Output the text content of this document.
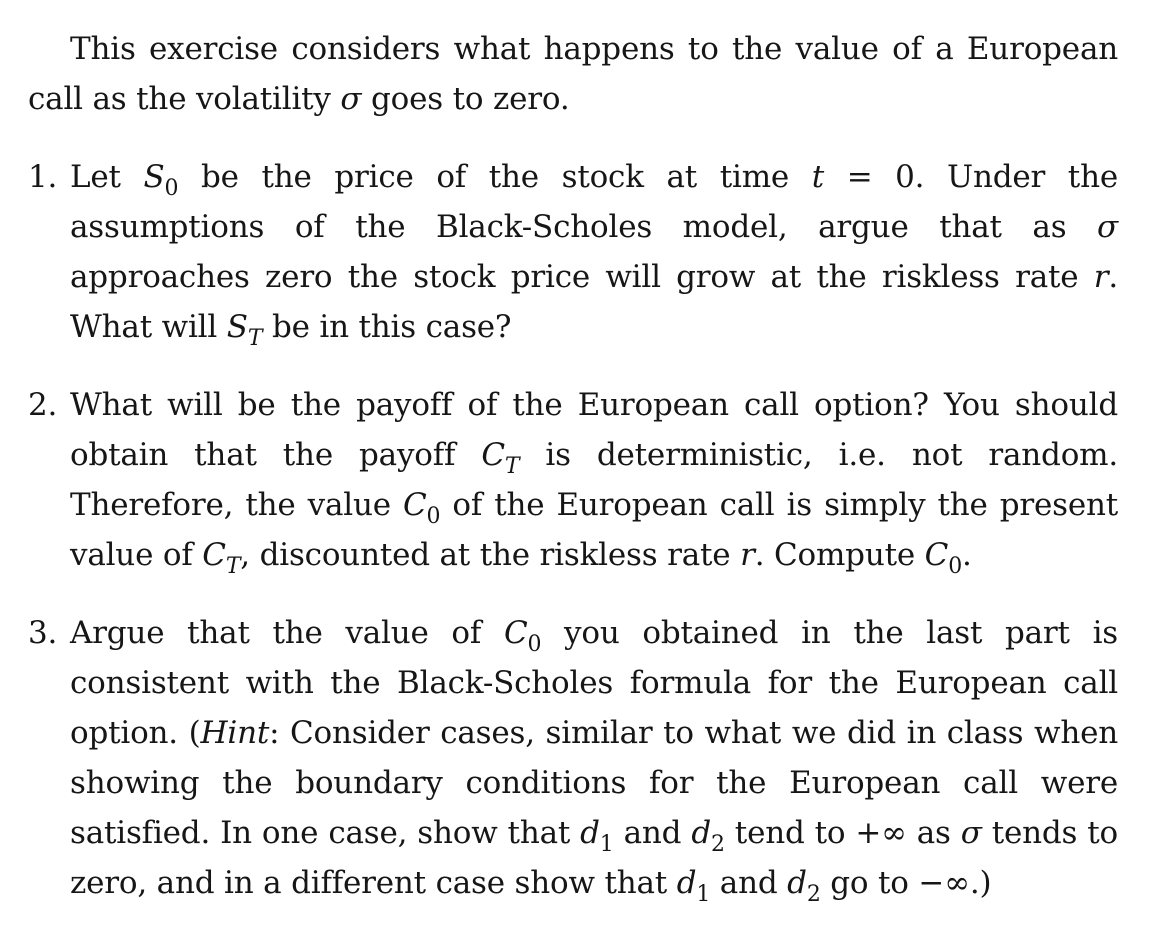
This exercise considers what happens to the value of a European call as the volatility σ goes to zero.

1. Let $S_0$ be the price of the stock at time t = 0. Under the assumptions of the Black-Scholes model, argue that as σ approaches zero the stock price will grow at the riskless rate r. What will $S_T$ be in this case?
2. What will be the payoff of the European call option? You should obtain that the payoff $C_T$ is deterministic, i.e. not random. Therefore, the value $C_0$ of the European call is simply the present value of $C_T$, discounted at the riskless rate r. Compute $C_0$.
3. Argue that the value of $C_0$ you obtained in the last part is consistent with the Black-Scholes formula for the European call option. (Hint: Consider cases, similar to what we did in class when showing the boundary conditions for the European call were satisfied. In one case, show that $d_1$ and $d_2$ tend to +∞ as σ tends to zero, and in a different case show that $d_1$ and $d_2$ go to −∞.)
